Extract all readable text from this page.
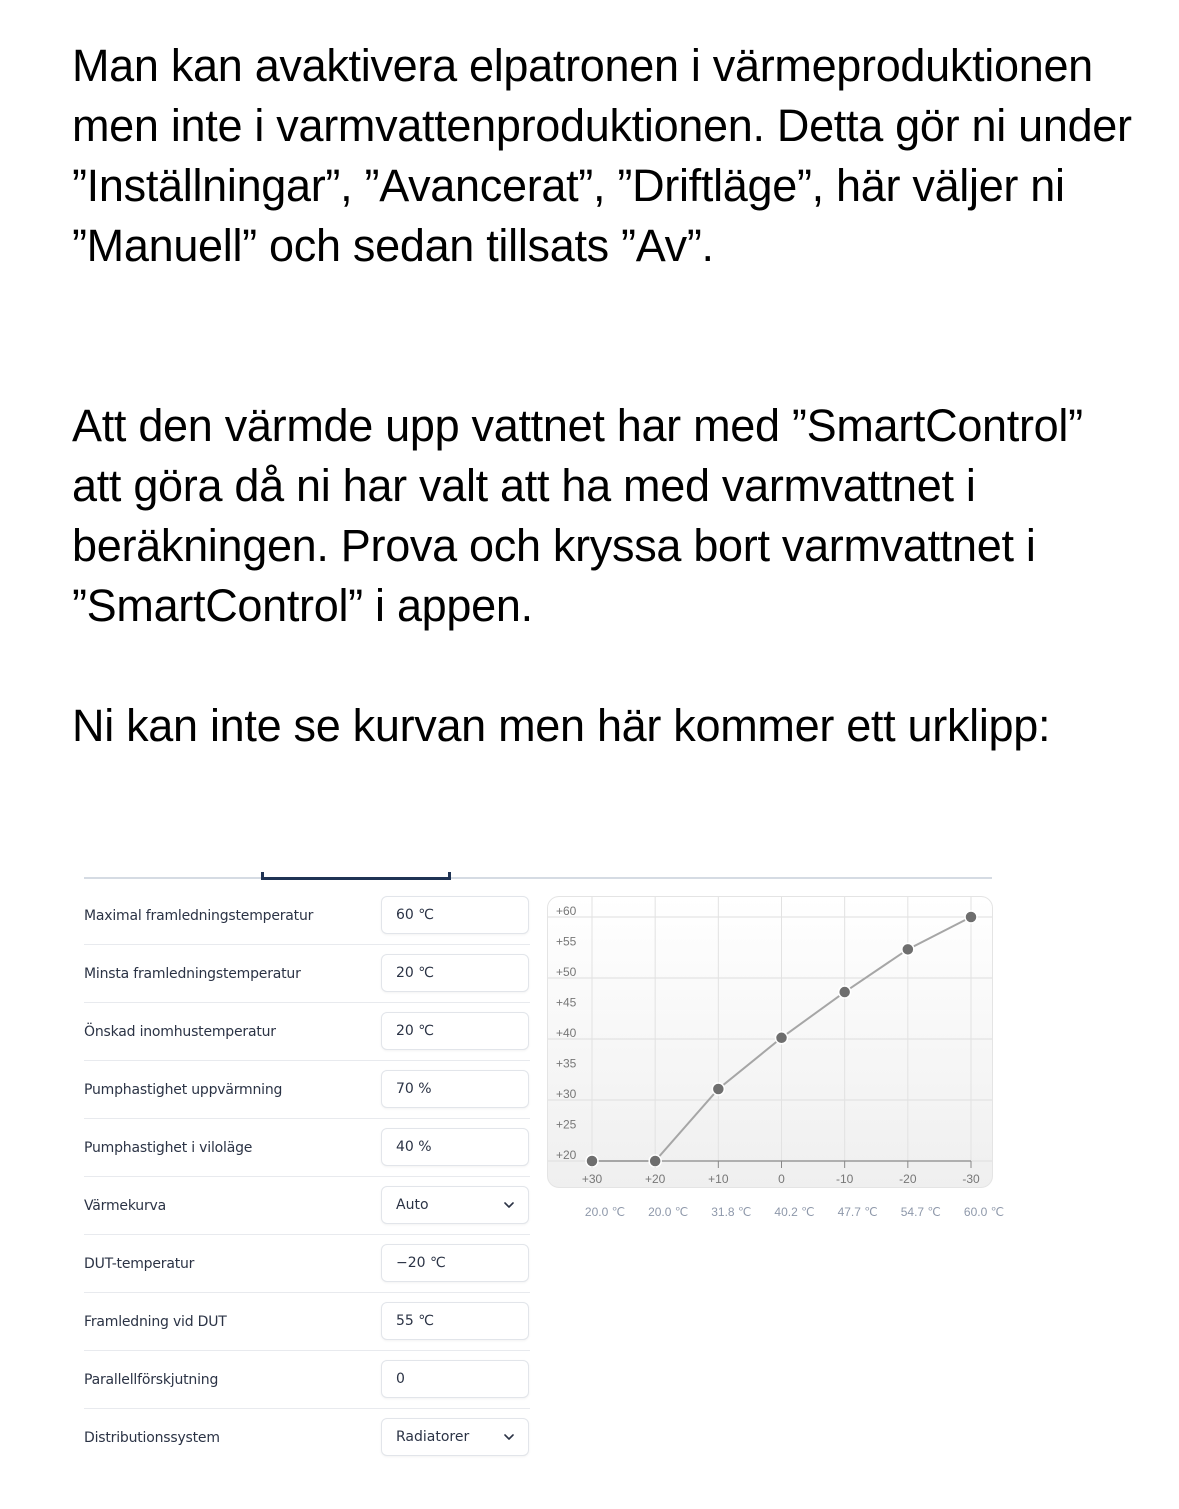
Man kan avaktivera elpatronen i värmeproduktionen men inte i varmvattenproduktionen. Detta gör ni under ”Inställningar”, ”Avancerat”, ”Driftläge”, här väljer ni ”Manuell” och sedan tillsats ”Av”.

Att den värmde upp vattnet har med ”SmartControl” att göra då ni har valt att ha med varmvattnet i beräkningen. Prova och kryssa bort varmvattnet i ”SmartControl” i appen.

Ni kan inte se kurvan men här kommer ett urklipp:

Maximal framledningstemperatur	60 ℃
Minsta framledningstemperatur	20 ℃
Önskad inomhustemperatur	20 ℃
Pumphastighet uppvärmning	70 %
Pumphastighet i viloläge	40 %
Värmekurva	Auto
DUT-temperatur	−20 ℃
Framledning vid DUT	55 ℃
Parallellförskjutning	0
Distributionssystem	Radiatorer
+60
+55
+50
+45
+40
+35
+30
+25
+20
+30	+20	+10	0	-10	-20	-30
20.0 ℃ 20.0 ℃ 31.8 ℃ 40.2 ℃ 47.7 ℃ 54.7 ℃ 60.0 ℃
